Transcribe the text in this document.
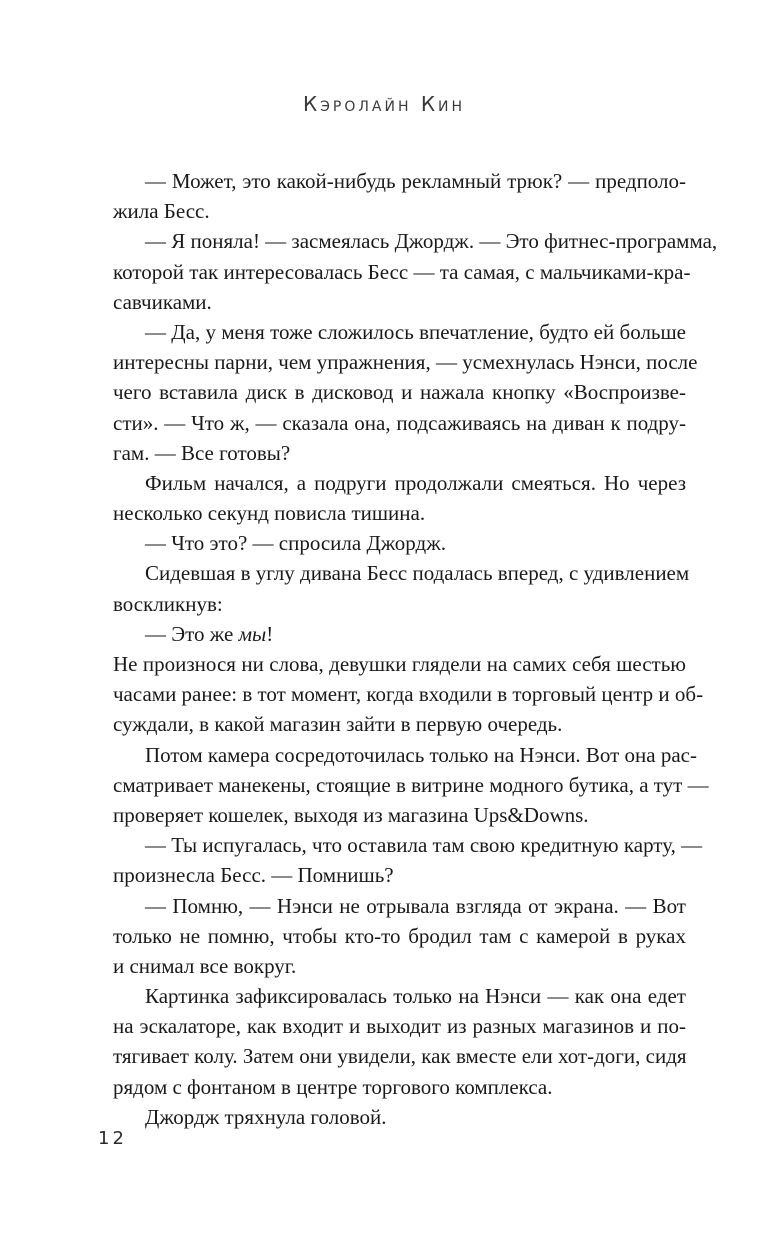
Кэролайн Кин
— Может, это какой-нибудь рекламный трюк? — предполо-
жила Бесс.
— Я поняла! — засмеялась Джордж. — Это фитнес-программа,
которой так интересовалась Бесс — та самая, с мальчиками-кра-
савчиками.
— Да, у меня тоже сложилось впечатление, будто ей больше
интересны парни, чем упражнения, — усмехнулась Нэнси, после
чего вставила диск в дисковод и нажала кнопку «Воспроизве-
сти». — Что ж, — сказала она, подсаживаясь на диван к подру-
гам. — Все готовы?
Фильм начался, а подруги продолжали смеяться. Но через
несколько секунд повисла тишина.
— Что это? — спросила Джордж.
Сидевшая в углу дивана Бесс подалась вперед, с удивлением
воскликнув:
— Это же мы!
Не произнося ни слова, девушки глядели на самих себя шестью
часами ранее: в тот момент, когда входили в торговый центр и об-
суждали, в какой магазин зайти в первую очередь.
Потом камера сосредоточилась только на Нэнси. Вот она рас-
сматривает манекены, стоящие в витрине модного бутика, а тут —
проверяет кошелек, выходя из магазина Ups&Downs.
— Ты испугалась, что оставила там свою кредитную карту, —
произнесла Бесс. — Помнишь?
— Помню, — Нэнси не отрывала взгляда от экрана. — Вот
только не помню, чтобы кто-то бродил там с камерой в руках
и снимал все вокруг.
Картинка зафиксировалась только на Нэнси — как она едет
на эскалаторе, как входит и выходит из разных магазинов и по-
тягивает колу. Затем они увидели, как вместе ели хот-доги, сидя
рядом с фонтаном в центре торгового комплекса.
Джордж тряхнула головой.
12
